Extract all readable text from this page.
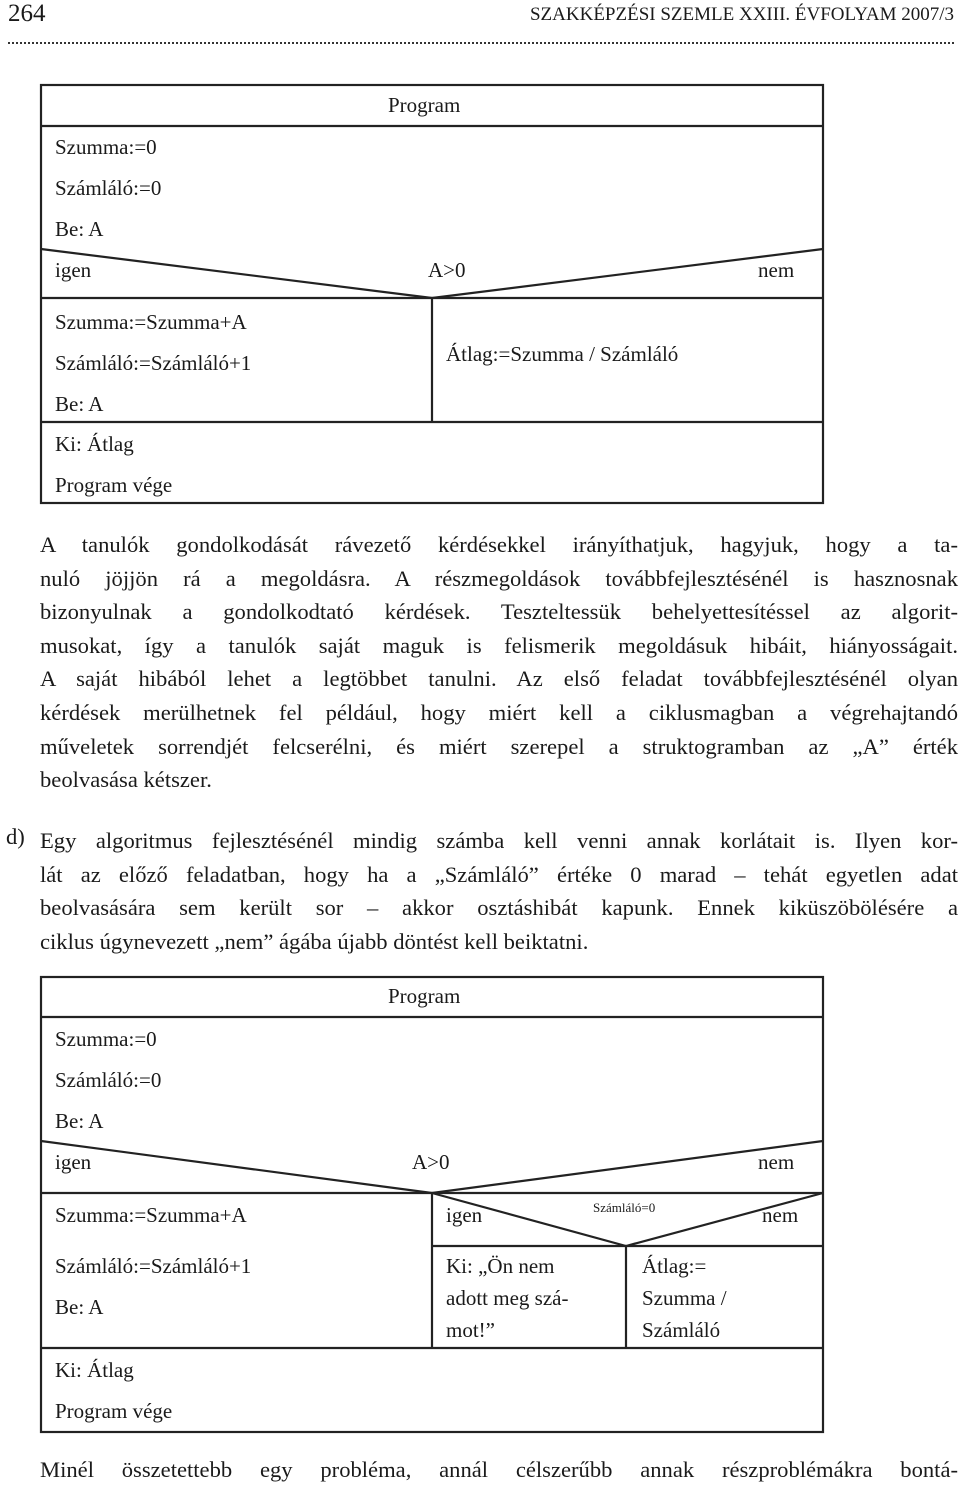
264	SZAKKÉPZÉSI SZEMLE XXIII. ÉVFOLYAM 2007/3
Program
Szumma:=0
Számláló:=0
Be: A
igen	A>0	nem
Szumma:=Szumma+A
Számláló:=Számláló+1
Be: A
Átlag:=Szumma / Számláló
Ki: Átlag
Program vége
A tanulók gondolkodását rávezető kérdésekkel irányíthatjuk, hagyjuk, hogy a ta-
nuló jöjjön rá a megoldásra. A részmegoldások továbbfejlesztésénél is hasznosnak
bizonyulnak a gondolkodtató kérdések. Teszteltessük behelyettesítéssel az algorit-
musokat, így a tanulók saját maguk is felismerik megoldásuk hibáit, hiányosságait.
A saját hibából lehet a legtöbbet tanulni. Az első feladat továbbfejlesztésénél olyan
kérdések merülhetnek fel például, hogy miért kell a ciklusmagban a végrehajtandó
műveletek sorrendjét felcserélni, és miért szerepel a struktogramban az „A” érték
beolvasása kétszer.
d) Egy algoritmus fejlesztésénél mindig számba kell venni annak korlátait is. Ilyen kor-
lát az előző feladatban, hogy ha a „Számláló” értéke 0 marad – tehát egyetlen adat
beolvasására sem került sor – akkor osztáshibát kapunk. Ennek kiküszöbölésére a
ciklus úgynevezett „nem” ágába újabb döntést kell beiktatni.
Program
Szumma:=0
Számláló:=0
Be: A
igen	A>0	nem
Szumma:=Szumma+A
Számláló:=Számláló+1
Be: A
igen	Számláló=0	nem
Ki: „Ön nem
adott meg szá-
mot!”
Átlag:=
Szumma /
Számláló
Ki: Átlag
Program vége
Minél összetettebb egy probléma, annál célszerűbb annak részproblémákra bontá-
